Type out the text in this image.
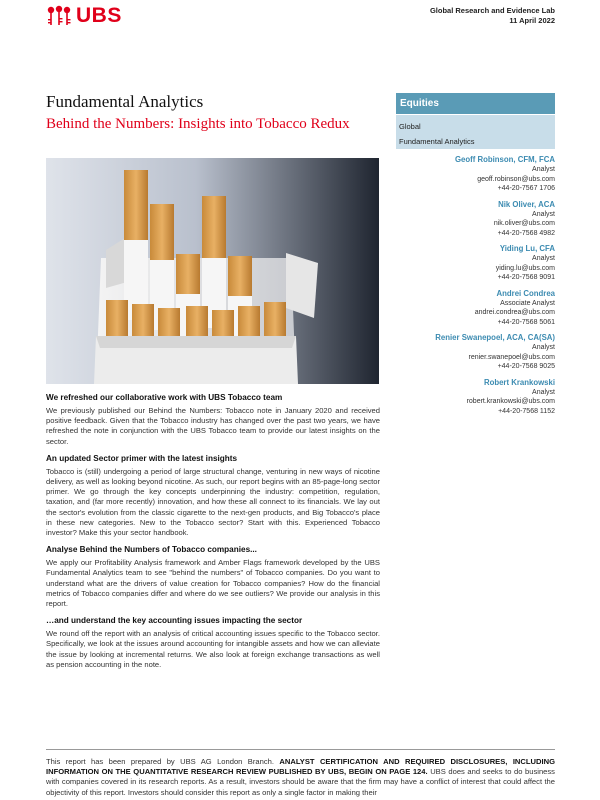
UBS	Global Research and Evidence Lab
11 April 2022
Fundamental Analytics
Behind the Numbers: Insights into Tobacco Redux
Equities
Global
Fundamental Analytics
Geoff Robinson, CFM, FCA
Analyst
geoff.robinson@ubs.com
+44-20-7567 1706
Nik Oliver, ACA
Analyst
nik.oliver@ubs.com
+44-20-7568 4982
Yiding Lu, CFA
Analyst
yiding.lu@ubs.com
+44-20-7568 9091
Andrei Condrea
Associate Analyst
andrei.condrea@ubs.com
+44-20-7568 5061
Renier Swanepoel, ACA, CA(SA)
Analyst
renier.swanepoel@ubs.com
+44-20-7568 9025
Robert Krankowski
Analyst
robert.krankowski@ubs.com
+44-20-7568 1152
We refreshed our collaborative work with UBS Tobacco team
We previously published our Behind the Numbers: Tobacco note in January 2020 and received positive feedback. Given that the Tobacco industry has changed over the past two years, we have refreshed the note in conjunction with the UBS Tobacco team to provide our latest insights on the sector.
An updated Sector primer with the latest insights
Tobacco is (still) undergoing a period of large structural change, venturing in new ways of nicotine delivery, as well as looking beyond nicotine. As such, our report begins with an 85-page-long sector primer. We go through the key concepts underpinning the industry: competition, regulation, taxation, and (far more recently) innovation, and how these all connect to its financials. We lay out the sector's evolution from the classic cigarette to the next-gen products, and Big Tobacco's place in these new categories. New to the Tobacco sector? Start with this. Experienced Tobacco investor? Make this your sector handbook.
Analyse Behind the Numbers of Tobacco companies...
We apply our Profitability Analysis framework and Amber Flags framework developed by the UBS Fundamental Analytics team to see "behind the numbers" of Tobacco companies. Do you want to understand what are the drivers of value creation for Tobacco companies? How do the financial metrics of Tobacco companies differ and where do we see outliers? We provide our analysis in this report.
…and understand the key accounting issues impacting the sector
We round off the report with an analysis of critical accounting issues specific to the Tobacco sector. Specifically, we look at the issues around accounting for intangible assets and how we can alleviate the issue by looking at incremental returns. We also look at foreign exchange transactions as well as pension accounting in the note.
This report has been prepared by UBS AG London Branch. ANALYST CERTIFICATION AND REQUIRED DISCLOSURES, INCLUDING INFORMATION ON THE QUANTITATIVE RESEARCH REVIEW PUBLISHED BY UBS, BEGIN ON PAGE 124. UBS does and seeks to do business with companies covered in its research reports. As a result, investors should be aware that the firm may have a conflict of interest that could affect the objectivity of this report. Investors should consider this report as only a single factor in making their
